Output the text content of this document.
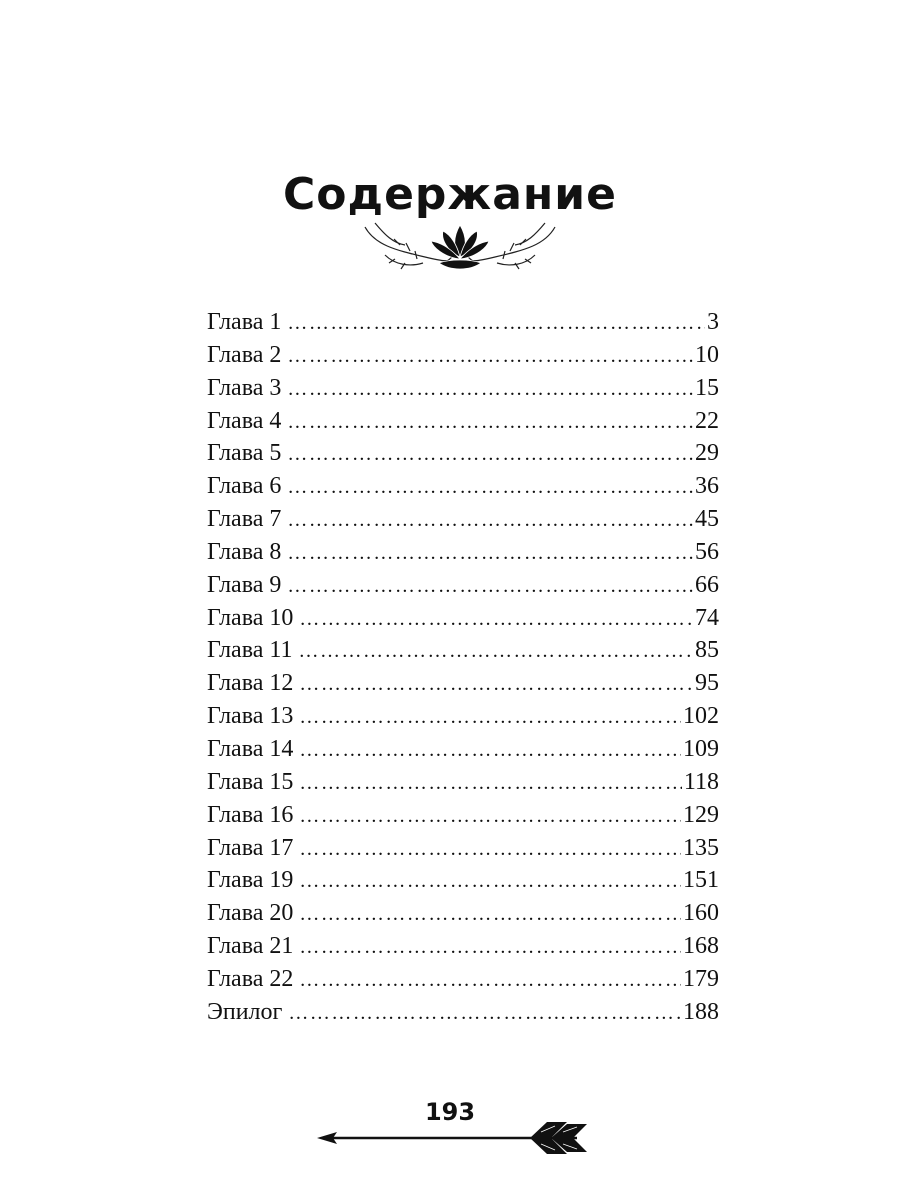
Содержание
Глава 1 ……………………………………………………………………………………………………	3
Глава 2 ……………………………………………………………………………………………………	10
Глава 3 ……………………………………………………………………………………………………	15
Глава 4 ……………………………………………………………………………………………………	22
Глава 5 ……………………………………………………………………………………………………	29
Глава 6 ……………………………………………………………………………………………………	36
Глава 7 ……………………………………………………………………………………………………	45
Глава 8 ……………………………………………………………………………………………………	56
Глава 9 ……………………………………………………………………………………………………	66
Глава 10 ……………………………………………………………………………………………………	74
Глава 11 ……………………………………………………………………………………………………	85
Глава 12 ……………………………………………………………………………………………………	95
Глава 13 ……………………………………………………………………………………………………	102
Глава 14 ……………………………………………………………………………………………………	109
Глава 15 ……………………………………………………………………………………………………	118
Глава 16 ……………………………………………………………………………………………………	129
Глава 17 ……………………………………………………………………………………………………	135
Глава 19 ……………………………………………………………………………………………………	151
Глава 20 ……………………………………………………………………………………………………	160
Глава 21 ……………………………………………………………………………………………………	168
Глава 22 ……………………………………………………………………………………………………	179
Эпилог ……………………………………………………………………………………………………	188
193
